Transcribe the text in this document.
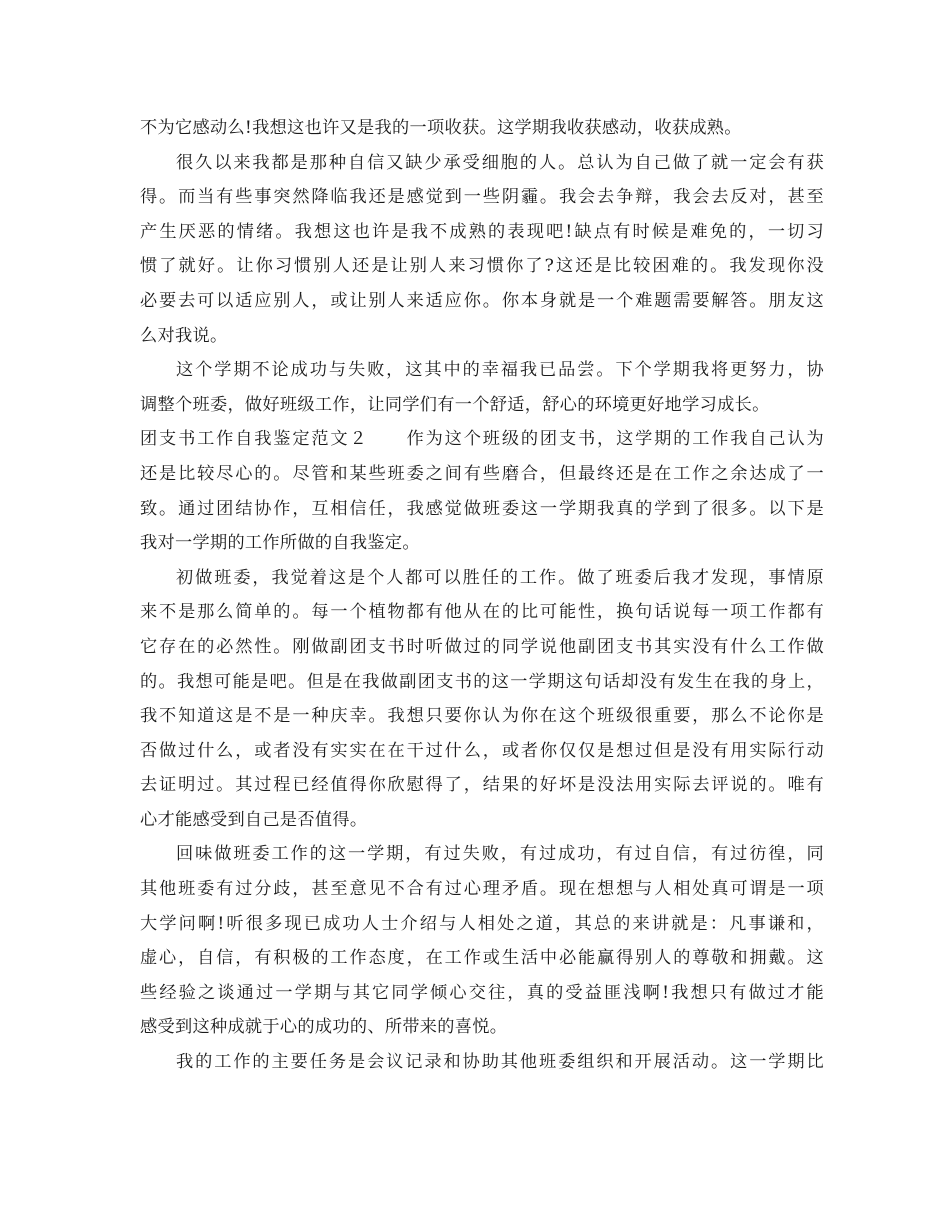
不为它感动么!我想这也许又是我的一项收获。这学期我收获感动，收获成熟。
很久以来我都是那种自信又缺少承受细胞的人。总认为自己做了就一定会有获
得。而当有些事突然降临我还是感觉到一些阴霾。我会去争辩，我会去反对，甚至
产生厌恶的情绪。我想这也许是我不成熟的表现吧!缺点有时候是难免的，一切习
惯了就好。让你习惯别人还是让别人来习惯你了?这还是比较困难的。我发现你没
必要去可以适应别人，或让别人来适应你。你本身就是一个难题需要解答。朋友这
么对我说。
这个学期不论成功与失败，这其中的幸福我已品尝。下个学期我将更努力，协
调整个班委，做好班级工作，让同学们有一个舒适，舒心的环境更好地学习成长。
团支书工作自我鉴定范文２　　作为这个班级的团支书，这学期的工作我自己认为
还是比较尽心的。尽管和某些班委之间有些磨合，但最终还是在工作之余达成了一
致。通过团结协作，互相信任，我感觉做班委这一学期我真的学到了很多。以下是
我对一学期的工作所做的自我鉴定。
初做班委，我觉着这是个人都可以胜任的工作。做了班委后我才发现，事情原
来不是那么简单的。每一个植物都有他从在的比可能性，换句话说每一项工作都有
它存在的必然性。刚做副团支书时听做过的同学说他副团支书其实没有什么工作做
的。我想可能是吧。但是在我做副团支书的这一学期这句话却没有发生在我的身上，
我不知道这是不是一种庆幸。我想只要你认为你在这个班级很重要，那么不论你是
否做过什么，或者没有实实在在干过什么，或者你仅仅是想过但是没有用实际行动
去证明过。其过程已经值得你欣慰得了，结果的好坏是没法用实际去评说的。唯有
心才能感受到自己是否值得。
回味做班委工作的这一学期，有过失败，有过成功，有过自信，有过彷徨，同
其他班委有过分歧，甚至意见不合有过心理矛盾。现在想想与人相处真可谓是一项
大学问啊!听很多现已成功人士介绍与人相处之道，其总的来讲就是：凡事谦和，
虚心，自信，有积极的工作态度，在工作或生活中必能赢得别人的尊敬和拥戴。这
些经验之谈通过一学期与其它同学倾心交往，真的受益匪浅啊!我想只有做过才能
感受到这种成就于心的成功的、所带来的喜悦。
我的工作的主要任务是会议记录和协助其他班委组织和开展活动。这一学期比
